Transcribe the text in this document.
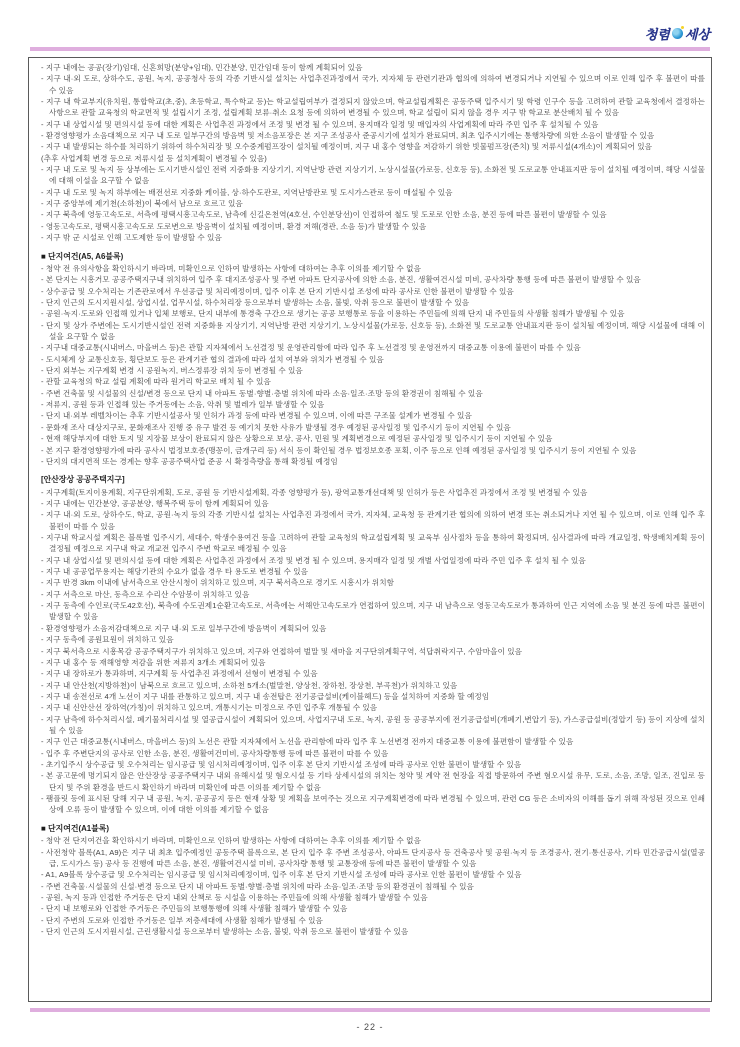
청렴 세상
- 지구 내에는 공공(장기)임대, 신혼희망(분양+임대), 민간분양, 민간임대 등이 함께 계획되어 있음
- 지구 내·외 도로, 상하수도, 공원, 녹지, 공공청사 등의 각종 기반시설 설치는 사업추진과정에서 국가, 지자체 등 관련기관과 협의에 의하여 변경되거나 지연될 수 있으며 이로 인해 입주 후 불편이 따를 수 있음
- 지구 내 학교부지(유치원, 통합학교(초,중), 초등학교, 특수학교 등)는 학교설립여부가 결정되지 않았으며, 학교설립계획은 공동주택 입주시기 및 학령 인구수 등을 고려하여 관할 교육청에서 결정하는 사항으로 관할 교육청의 학교면적 및 설립시기 조정, 설립계획 보류·취소 요청 등에 의하여 변경될 수 있으며, 학교 설립이 되지 않을 경우 지구 밖 학교로 분산배치 될 수 있음
- 지구 내 상업시설 및 편의시설 등에 대한 계획은 사업추진 과정에서 조정 및 변경 될 수 있으며, 용지매각 일정 및 매입자의 사업계획에 따라 주민 입주 후 설치될 수 있음
- 환경영향평가 소음대책으로 지구 내 도로 일부구간의 방음벽 및 저소음포장은 본 지구 조성공사 준공시기에 설치가 완료되며, 최초 입주시기에는 통행차량에 의한 소음이 발생할 수 있음
- 지구 내 발생되는 하수를 처리하기 위하여 하수처리장 및 오수중계펌프장이 설치될 예정이며, 지구 내 홍수 영향을 저감하기 위한 빗물펌프장(존치) 및 저류시설(4개소)이 계획되어 있음
(추후 사업계획 변경 등으로 저류시설 등 설치계획이 변경될 수 있음)
- 지구 내 도로 및 녹지 등 상부에는 도시기반시설인 전력 지중화용 지상기기, 지역난방 관련 지상기기, 노상시설물(가로등, 신호등 등), 소화전 및 도로교통 안내표지판 등이 설치될 예정이며, 해당 시설물에 대해 이설을 요구할 수 없음
- 지구 내 도로 및 녹지 하부에는 배전선로 지중화 케이블, 상·하수도관로, 지역난방관로 및 도시가스관로 등이 매설될 수 있음
- 지구 중앙부에 제기천(소하천)이 북에서 남으로 흐르고 있음
- 지구 북측에 영동고속도로, 서측에 평택시흥고속도로, 남측에 신길온천역(4호선, 수인분당선)이 인접하여 철도 및 도로로 인한 소음, 분진 등에 따른 불편이 발생할 수 있음
- 영동고속도로, 평택시흥고속도로 도로변으로 방음벽이 설치될 예정이며, 환경 저해(경관, 소음 등)가 발생할 수 있음
- 지구 밖 군 시설로 인해 고도제한 등이 발생할 수 있음
■ 단지여건(A5, A6블록)
- 청약 전 유의사항을 확인하시기 바라며, 미확인으로 인하여 발생하는 사항에 대하여는 추후 이의를 제기할 수 없음
- 본 단지는 시흥거모 공공주택지구내 위치하여 입주 후 대지조성공사 및 주변 아파트 단지공사에 의한 소음, 분진, 생활여건시설 미비, 공사차량 통행 등에 따른 불편이 발생할 수 있음
- 상수공급 및 오수처리는 기존관로에서 우선공급 및 처리예정이며, 입주 이후 본 단지 기반시설 조성에 따라 공사로 인한 불편이 발생할 수 있음
- 단지 인근의 도시지원시설, 상업시설, 업무시설, 하수처리장 등으로부터 발생하는 소음, 불빛, 악취 등으로 불편이 발생할 수 있음
- 공원·녹지·도로와 인접해 있거나 입체 보행로, 단지 내부에 통경축 구간으로 생기는 공공 보행통로 등을 이용하는 주민들에 의해 단지 내 주민들의 사생활 침해가 발생될 수 있음
- 단지 및 상가 주변에는 도시기반시설인 전력 지중화용 지상기기, 지역난방 관련 지상기기, 노상시설물(가로등, 신호등 등), 소화전 및 도로교통 안내표지판 등이 설치될 예정이며, 해당 시설물에 대해 이설을 요구할 수 없음
- 지구내 대중교통(시내버스, 마을버스 등)은 관할 지자체에서 노선결정 및 운영관리함에 따라 입주 후 노선결정 및 운영전까지 대중교통 이용에 불편이 따를 수 있음
- 도시체계 상 교통신호등, 횡단보도 등은 관계기관 협의 결과에 따라 설치 여부와 위치가 변경될 수 있음
- 단지 외부는 지구계획 변경 시 공원녹지, 버스정류장 위치 등이 변경될 수 있음
- 관할 교육청의 학교 설립 계획에 따라 원거리 학교로 배치 될 수 있음
- 주변 건축물 및 시설물의 신설/변경 등으로 단지 내 아파트 동별·향별·층별 위치에 따라 소음·일조·조망 등의 환경권이 침해될 수 있음
- 저류지, 공원 등과 인접해 있는 주거동에는 소음, 악취 및 벌레가 일부 발생할 수 있음
- 단지 내·외부 레벨차이는 추후 기반시설공사 및 인허가 과정 등에 따라 변경될 수 있으며, 이에 따른 구조물 설계가 변경될 수 있음
- 문화재 조사 대상지구로, 문화재조사 진행 중 유구 발견 등 예기치 못한 사유가 발생될 경우 예정된 공사일정 및 입주시기 등이 지연될 수 있음
- 현재 해당부지에 대한 토지 및 지장물 보상이 완료되지 않은 상황으로 보상, 공사, 민원 및 계획변경으로 예정된 공사일정 및 입주시기 등이 지연될 수 있음
- 본 지구 환경영향평가에 따라 공사시 법정보호종(맹꽁이, 금개구리 등) 서식 등이 확인될 경우 법정보호종 포획, 이주 등으로 인해 예정된 공사일정 및 입주시기 등이 지연될 수 있음
- 단지의 대지면적 또는 경계는 향후 공공주택사업 준공 시 확정측량을 통해 확정될 예정임
[안산장상 공공주택지구]
- 지구계획(토지이용계획, 지구단위계획, 도로, 공원 등 기반시설계획, 각종 영향평가 등), 광역교통개선대책 및 인허가 등은 사업추진 과정에서 조정 및 변경될 수 있음
- 지구 내에는 민간분양, 공공분양, 행복주택 등이 함께 계획되어 있음
- 지구 내·외 도로, 상하수도, 학교, 공원·녹지 등의 각종 기반시설 설치는 사업추진 과정에서 국가, 지자체, 교육청 등 관계기관 협의에 의하여 변경 또는 취소되거나 지연 될 수 있으며, 이로 인해 입주 후 불편이 따를 수 있음
- 지구내 학교시설 계획은 블록별 입주시기, 세대수, 학생수용여건 등을 고려하여 관할 교육청의 학교설립계획 및 교육부 심사절차 등을 통하여 확정되며, 심사결과에 따라 개교일정, 학생배치계획 등이 결정될 예정으로 지구내 학교 개교전 입주시 주변 학교로 배정될 수 있음
- 지구 내 상업시설 및 편의시설 등에 대한 계획은 사업추진 과정에서 조정 및 변경 될 수 있으며, 용지매각 일정 및 개별 사업일정에 따라 주민 입주 후 설치 될 수 있음
- 지구 내 공공업무용지는 해당기관의 수요가 없을 경우 타 용도로 변경될 수 있음
- 지구 반경 3km 이내에 남서측으로 안산시청이 위치하고 있으며, 지구 북서측으로 경기도 시흥시가 위치함
- 지구 서측으로 마산, 동측으로 수리산 수암봉이 위치하고 있음
- 지구 동측에 수인로(국도42호선), 북측에 수도권제1순환고속도로, 서측에는 서해안고속도로가 연접하여 있으며, 지구 내 남측으로 영동고속도로가 통과하여 인근 지역에 소음 및 분진 등에 따른 불편이 발생할 수 있음
- 환경영향평가 소음저감대책으로 지구 내·외 도로 일부구간에 방음벽이 계획되어 있음
- 지구 동측에 공원묘원이 위치하고 있음
- 지구 북서측으로 시흥목감 공공주택지구가 위치하고 있으며, 지구와 연접하여 벌말 및 새마을 지구단위계획구역, 석답취락지구, 수암마을이 있음
- 지구 내 홍수 등 재해영향 저감을 위한 저류지 3개소 계획되어 있음
- 지구 내 장하로가 통과하며, 지구계획 등 사업추진 과정에서 선형이 변경될 수 있음
- 지구 내 안산천(지방하천)이 남북으로 흐르고 있으며, 소하천 5개소(벌말천, 양상천, 장하천, 장상천, 부곡천)가 위치하고 있음
- 지구 내 송전선로 4개 노선이 지구 내를 관통하고 있으며, 지구 내 송전탑은 전기공급설비(케이블헤드) 등을 설치하여 지중화 할 예정임
- 지구 내 신안산선 장하역(가칭)이 위치하고 있으며, 개통시기는 미정으로 주민 입주후 개통될 수 있음
- 지구 남측에 하수처리시설, 폐기물처리시설 및 열공급시설이 계획되어 있으며, 사업지구내 도로, 녹지, 공원 등 공공부지에 전기공급설비(개폐기,변압기 등), 가스공급설비(정압기 등) 등이 지상에 설치될 수 있음
- 지구 인근 대중교통(시내버스, 마을버스 등)의 노선은 관할 지자체에서 노선을 관리함에 따라 입주 후 노선변경 전까지 대중교통 이용에 불편함이 발생할 수 있음
- 입주 후 주변단지의 공사로 인한 소음, 분진, 생활여건미비, 공사차량통행 등에 따른 불편이 따를 수 있음
- 초기입주시 상수공급 및 오수처리는 임시공급 및 임시처리예정이며, 입주 이후 본 단지 기반시설 조성에 따라 공사로 인한 불편이 발생할 수 있음
- 본 공고문에 명기되지 않은 안산장상 공공주택지구 내외 유해시설 및 혐오시설 등 기타 상세시설의 위치는 청약 및 계약 전 현장을 직접 방문하여 주변 혐오시설 유무, 도로, 소음, 조망, 일조, 진입로 등 단지 및 주위 환경을 반드시 확인하기 바라며 미확인에 따른 이의를 제기할 수 없음
- 팸플릿 등에 표시된 당해 지구 내 공원, 녹지, 공공공지 등은 현재 상황 및 계획을 보여주는 것으로 지구계획변경에 따라 변경될 수 있으며, 관련 CG 등은 소비자의 이해를 돕기 위해 작성된 것으로 인쇄 상에 오류 등이 발생할 수 있으며, 이에 대한 이의를 제기할 수 없음
■ 단지여건(A1블록)
- 청약 전 단지여건을 확인하시기 바라며, 미확인으로 인하여 발생하는 사항에 대하여는 추후 이의를 제기할 수 없음
- 사전청약 블록(A1, A9)은 지구 내 최초 입주예정인 공동주택 블록으로, 본 단지 입주 후 주변 조성공사, 아파트 단지공사 등 건축공사 및 공원·녹지 등 조경공사, 전기·통신공사, 기타 민간공급시설(열공급, 도시가스 등) 공사 등 진행에 따른 소음, 분진, 생활여건시설 미비, 공사차량 통행 및 교통장애 등에 따른 불편이 발생할 수 있음
- A1, A9블록 상수공급 및 오수처리는 임시공급 및 임시처리예정이며, 입주 이후 본 단지 기반시설 조성에 따라 공사로 인한 불편이 발생할 수 있음
- 주변 건축물·시설물의 신설·변경 등으로 단지 내 아파트 동별·향별·층별 위치에 따라 소음·일조·조망 등의 환경권이 침해될 수 있음
- 공원, 녹지 등과 인접한 주거동은 단지 내외 산책로 등 시설을 이용하는 주민들에 의해 사생활 침해가 발생할 수 있음
- 단지 내 보행로와 인접한 주거동은 주민들의 보행통행에 의해 사생활 침해가 발생할 수 있음
- 단지 주변의 도로와 인접한 주거동은 일부 저층세대에 사생활 침해가 발생될 수 있음
- 단지 인근의 도시지원시설, 근린생활시설 등으로부터 발생하는 소음, 불빛, 악취 등으로 불편이 발생할 수 있음
- 22 -
